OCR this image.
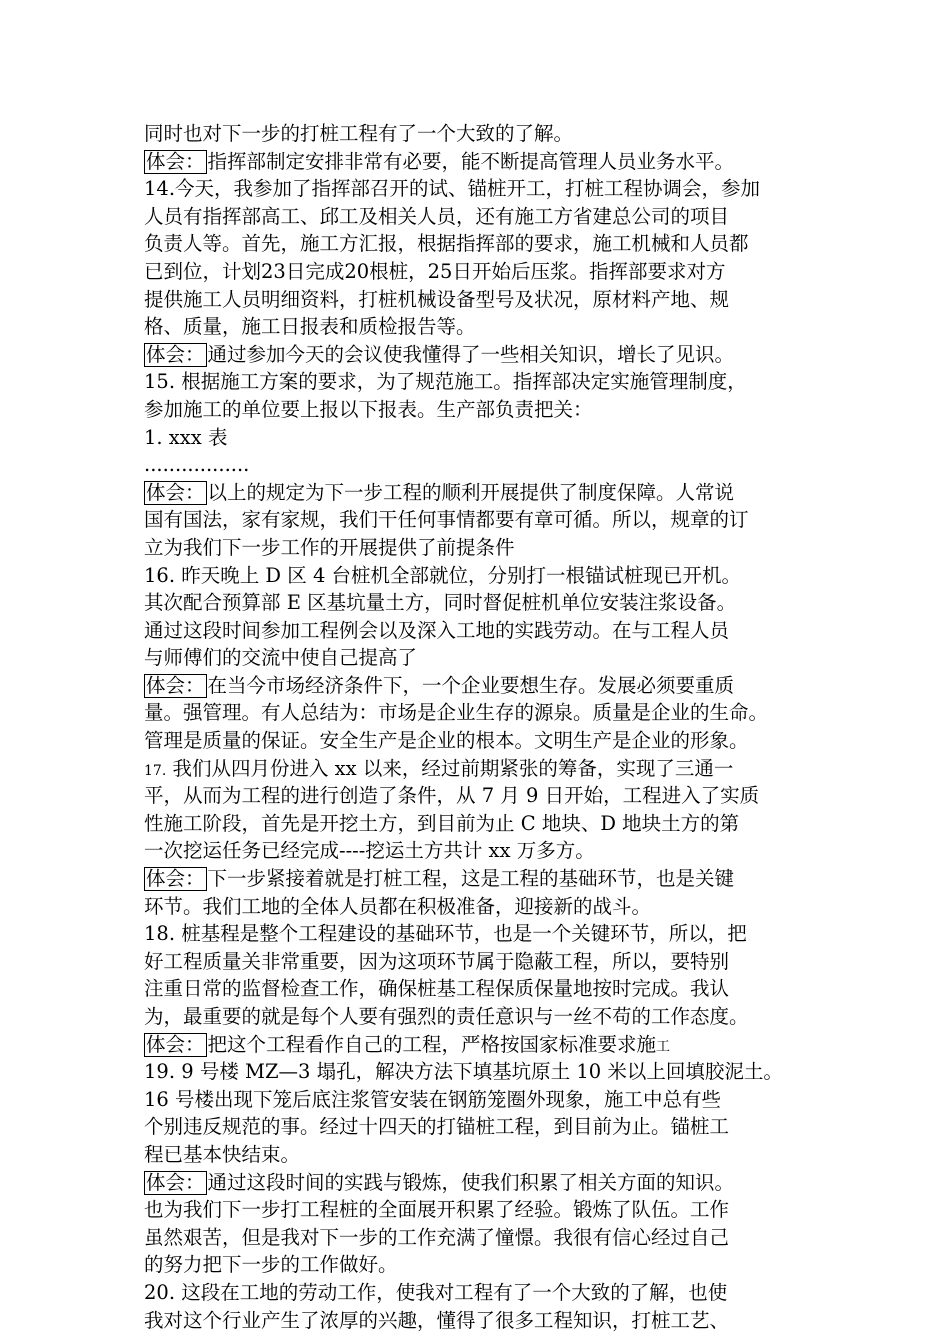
同时也对下一步的打桩工程有了一个大致的了解。
体会： 指挥部制定安排非常有必要，能不断提高管理人员业务水平。
14.今天，我参加了指挥部召开的试、锚桩开工，打桩工程协调会，参加
人员有指挥部高工、邱工及相关人员，还有施工方省建总公司的项目
负责人等。首先，施工方汇报，根据指挥部的要求，施工机械和人员都
已到位，计划23日完成20根桩，25日开始后压浆。指挥部要求对方
提供施工人员明细资料，打桩机械设备型号及状况，原材料产地、规
格、质量，施工日报表和质检报告等。
体会： 通过参加今天的会议使我懂得了一些相关知识，增长了见识。
15. 根据施工方案的要求，为了规范施工。指挥部决定实施管理制度，
参加施工的单位要上报以下报表。生产部负责把关：
1. xxx 表
.................
体会： 以上的规定为下一步工程的顺利开展提供了制度保障。人常说
国有国法，家有家规，我们干任何事情都要有章可循。所以，规章的订
立为我们下一步工作的开展提供了前提条件
16. 昨天晚上 D 区 4 台桩机全部就位，分别打一根锚试桩现已开机。
其次配合预算部 E 区基坑量土方，同时督促桩机单位安装注浆设备。
通过这段时间参加工程例会以及深入工地的实践劳动。在与工程人员
与师傅们的交流中使自己提高了
体会： 在当今市场经济条件下，一个企业要想生存。发展必须要重质
量。强管理。有人总结为：市场是企业生存的源泉。质量是企业的生命。
管理是质量的保证。安全生产是企业的根本。文明生产是企业的形象。
17. 我们从四月份进入 xx 以来，经过前期紧张的筹备，实现了三通一
平，从而为工程的进行创造了条件，从 7 月 9 日开始，工程进入了实质
性施工阶段，首先是开挖土方，到目前为止 C 地块、D 地块土方的第
一次挖运任务已经完成----挖运土方共计 xx 万多方。
体会： 下一步紧接着就是打桩工程，这是工程的基础环节，也是关键
环节。我们工地的全体人员都在积极准备，迎接新的战斗。
18. 桩基程是整个工程建设的基础环节，也是一个关键环节，所以，把
好工程质量关非常重要，因为这项环节属于隐蔽工程，所以，要特别
注重日常的监督检查工作，确保桩基工程保质保量地按时完成。我认
为，最重要的就是每个人要有强烈的责任意识与一丝不苟的工作态度。
体会： 把这个工程看作自己的工程，严格按国家标准要求施工
19. 9 号楼 MZ—3 塌孔，解决方法下填基坑原土 10 米以上回填胶泥土。
16 号楼出现下笼后底注浆管安装在钢筋笼圈外现象，施工中总有些
个别违反规范的事。经过十四天的打锚桩工程，到目前为止。锚桩工
程已基本快结束。
体会： 通过这段时间的实践与锻炼，使我们积累了相关方面的知识。
也为我们下一步打工程桩的全面展开积累了经验。锻炼了队伍。工作
虽然艰苦，但是我对下一步的工作充满了憧憬。我很有信心经过自己
的努力把下一步的工作做好。
20. 这段在工地的劳动工作，使我对工程有了一个大致的了解，也使
我对这个行业产生了浓厚的兴趣，懂得了很多工程知识，打桩工艺、
